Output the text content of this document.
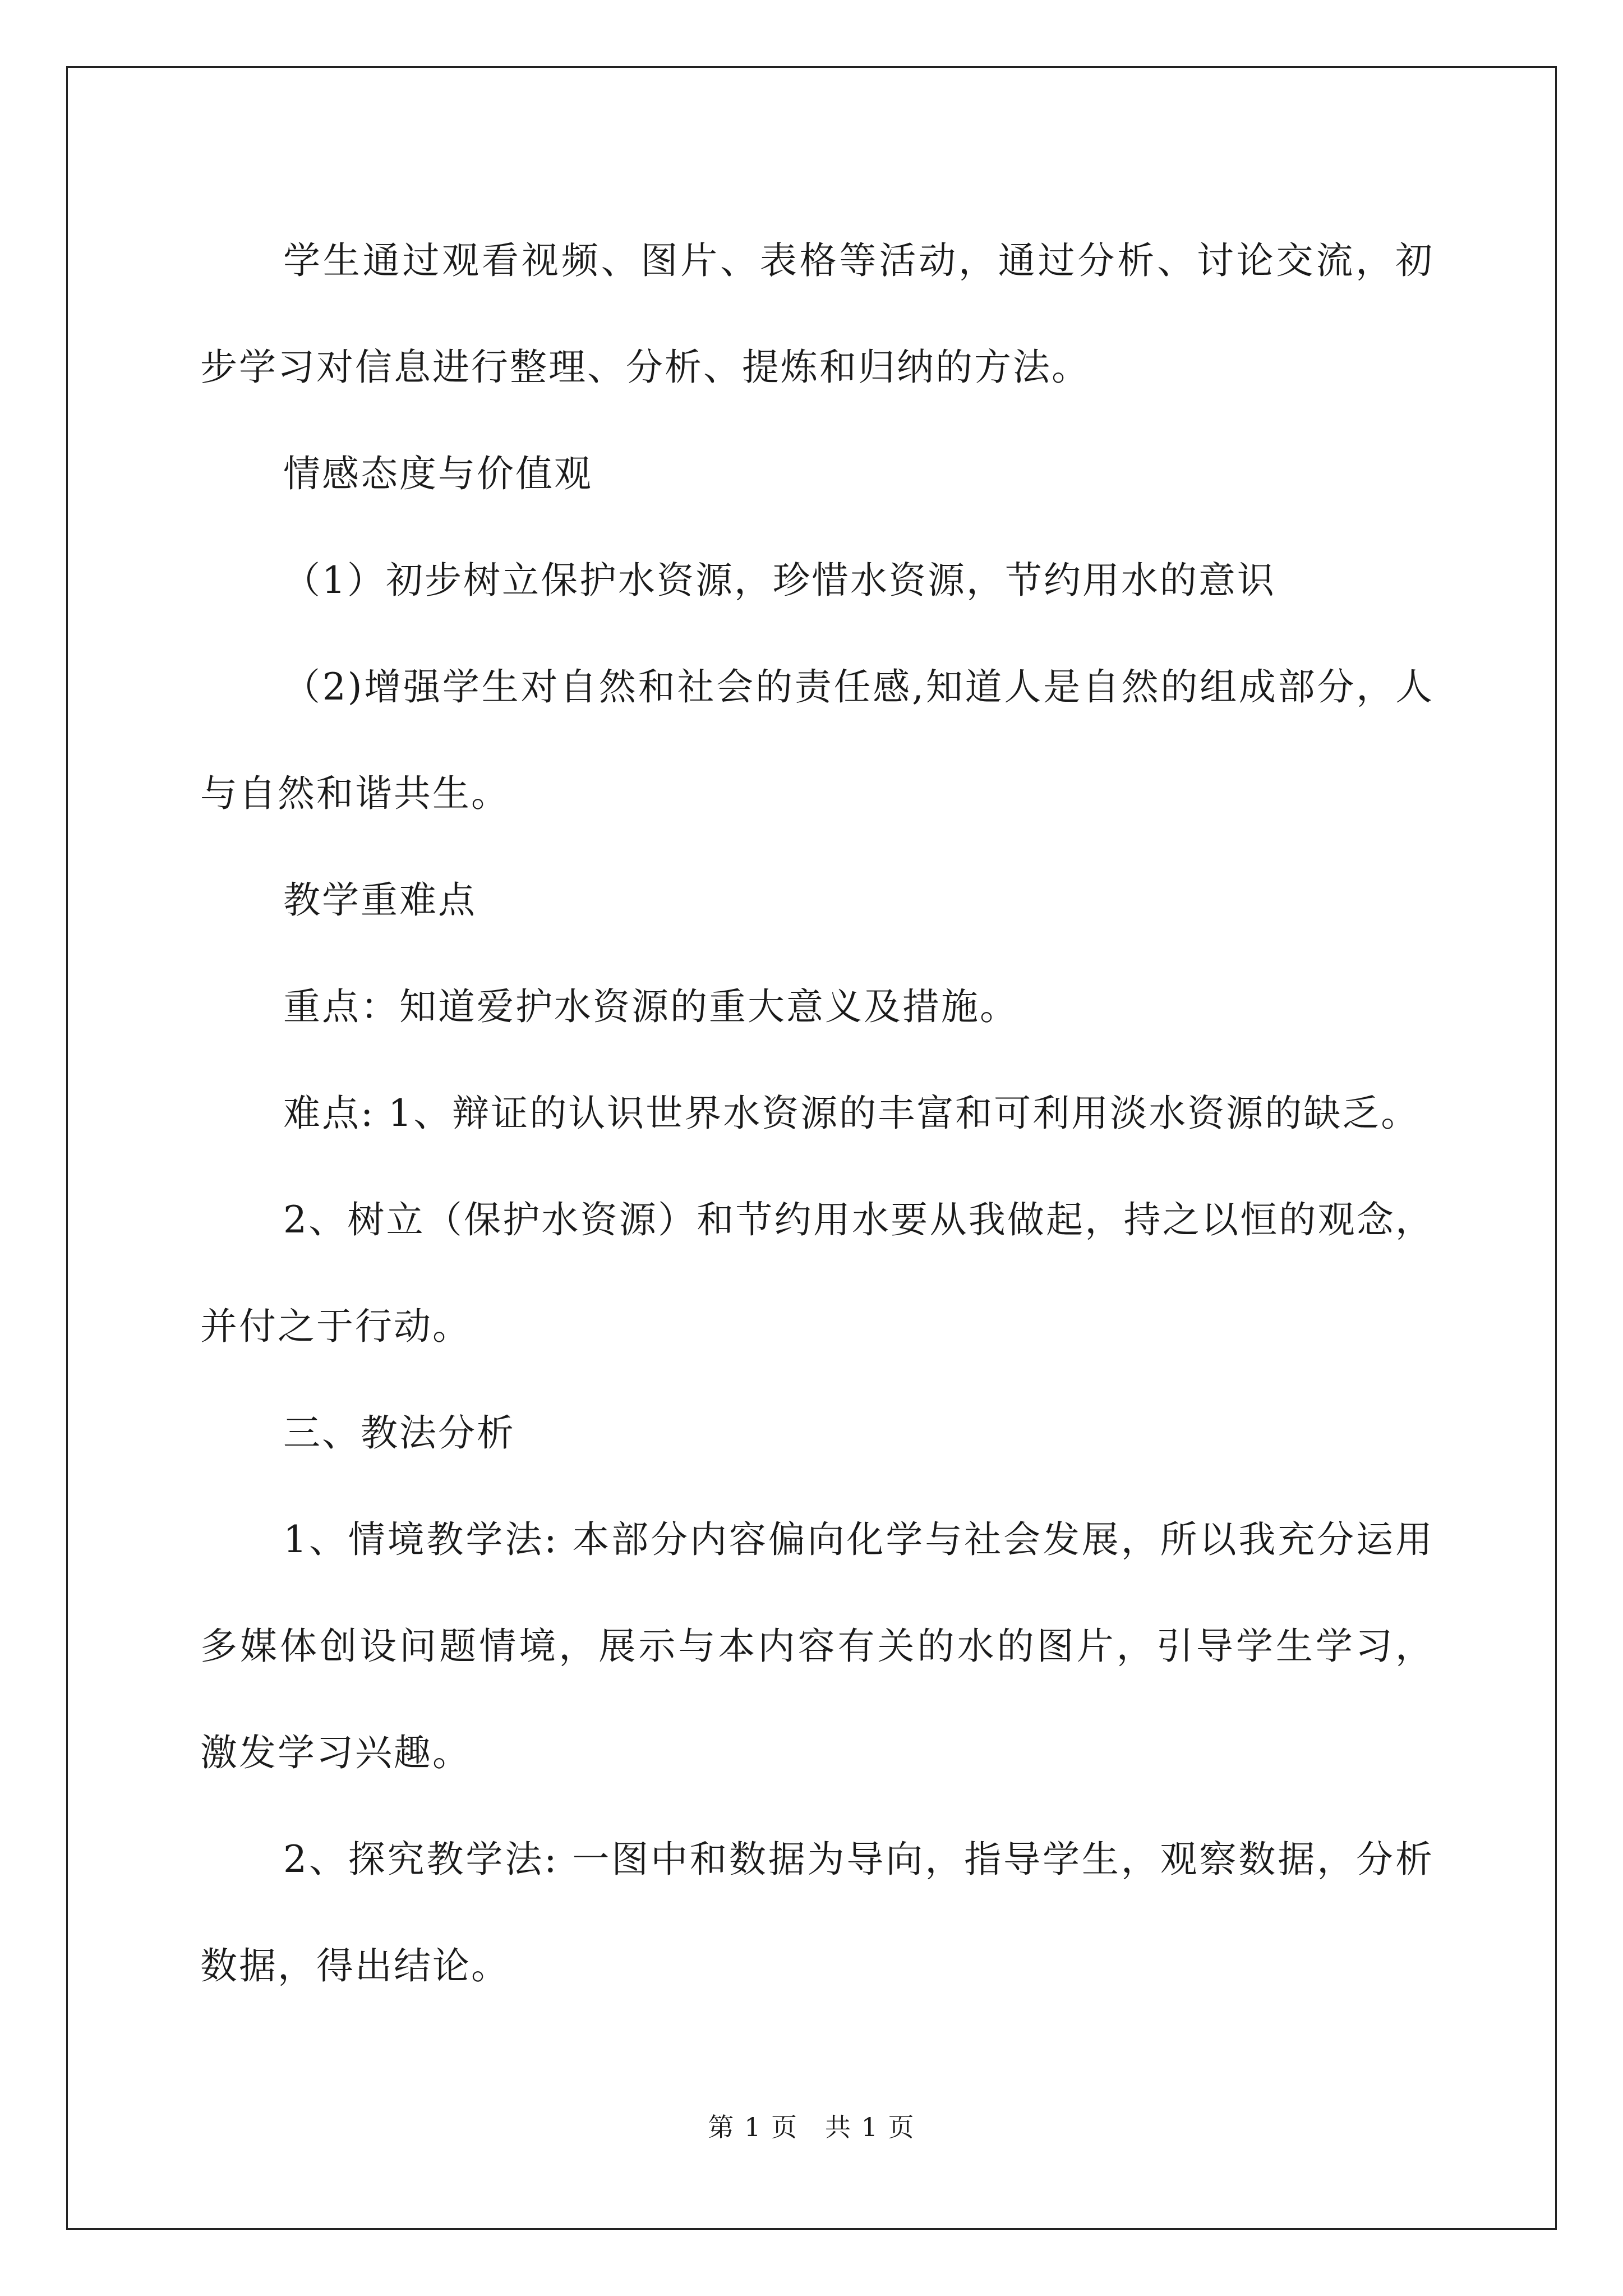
学生通过观看视频、图片、表格等活动，通过分析、讨论交流，初步学习对信息进行整理、分析、提炼和归纳的方法。

情感态度与价值观

（1）初步树立保护水资源，珍惜水资源，节约用水的意识

（2)增强学生对自然和社会的责任感,知道人是自然的组成部分，人与自然和谐共生。

教学重难点

重点：知道爱护水资源的重大意义及措施。

难点: 1、辩证的认识世界水资源的丰富和可利用淡水资源的缺乏。

2、树立（保护水资源）和节约用水要从我做起，持之以恒的观念，并付之于行动。

三、教法分析

1、情境教学法: 本部分内容偏向化学与社会发展，所以我充分运用多媒体创设问题情境，展示与本内容有关的水的图片，引导学生学习，激发学习兴趣。

2、探究教学法: 一图中和数据为导向，指导学生，观察数据，分析数据，得出结论。

第 1 页　共 1 页
